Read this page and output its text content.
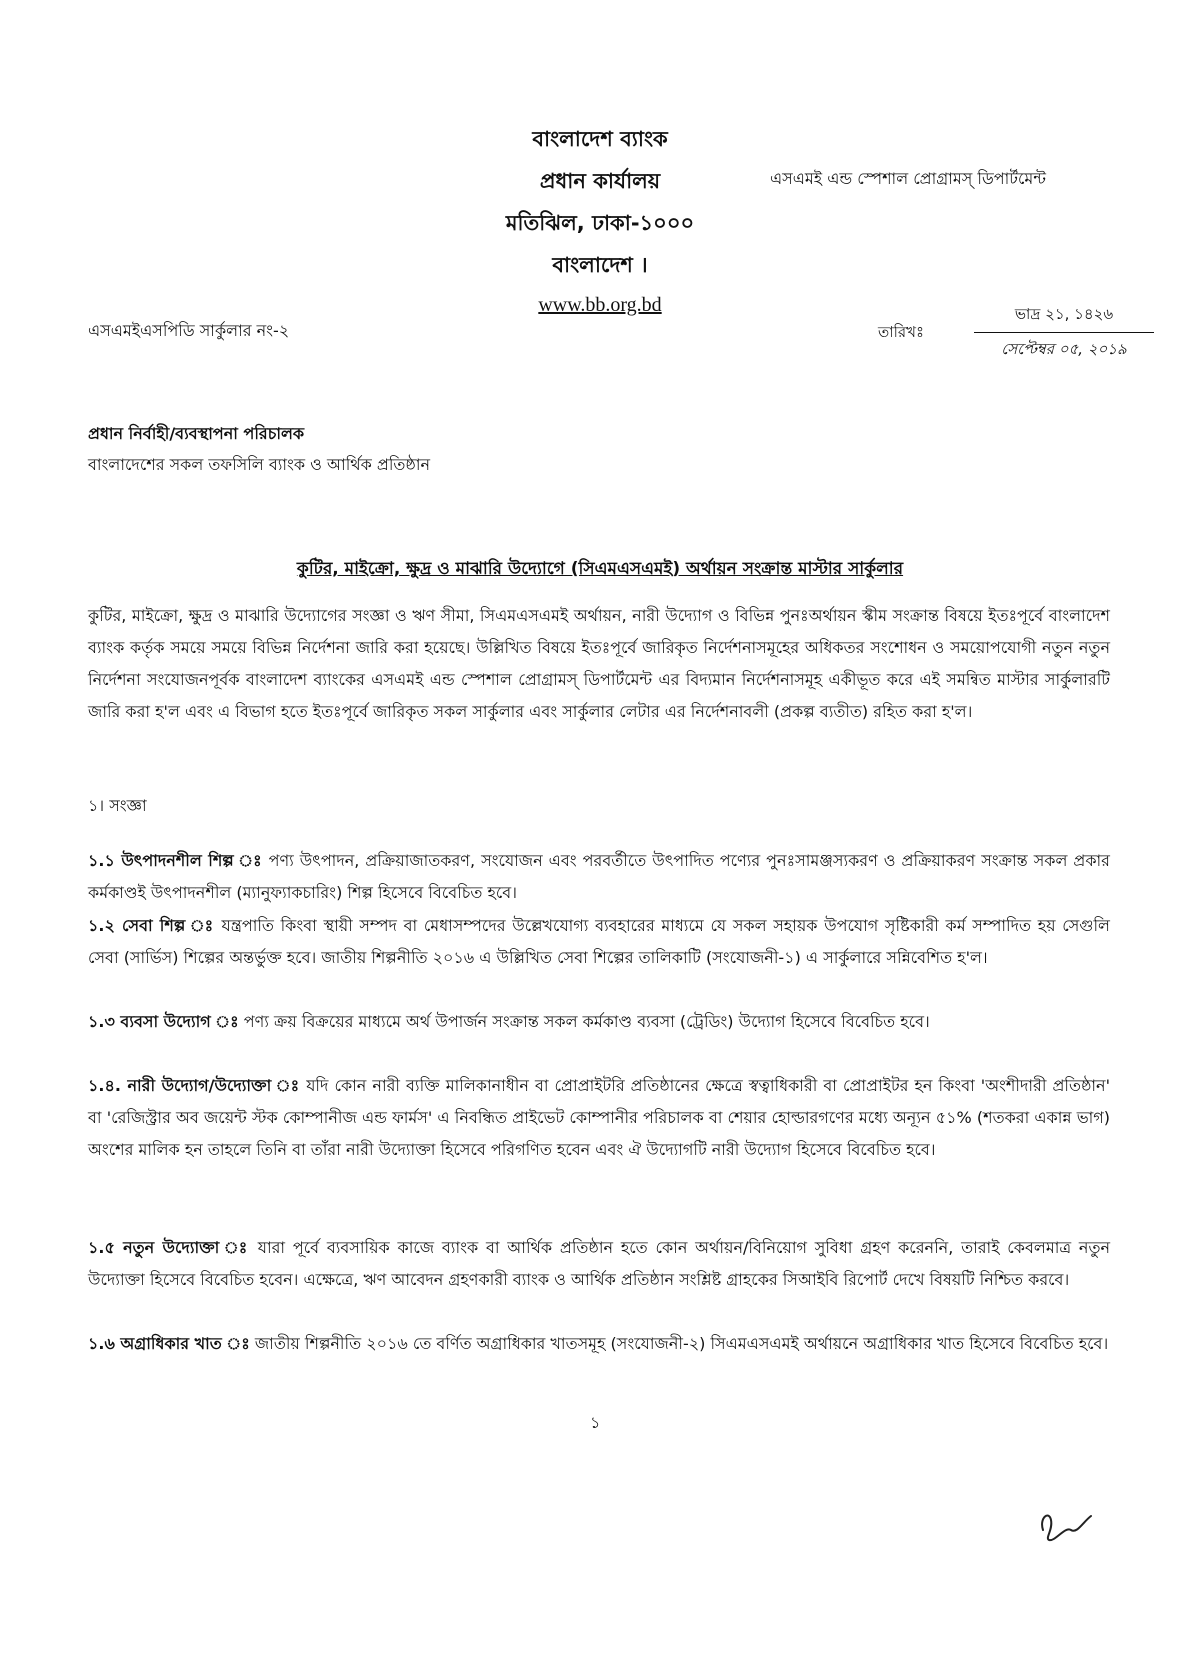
বাংলাদেশ ব্যাংক
প্রধান কার্যালয়
মতিঝিল, ঢাকা-১০০০
বাংলাদেশ ।
www.bb.org.bd
এসএমই এন্ড স্পেশাল প্রোগ্রামস্‌ ডিপার্টমেন্ট
এসএমইএসপিডি সার্কুলার নং-২	তারিখঃ
ভাদ্র ২১, ১৪২৬
সেপ্টেম্বর ০৫, ২০১৯
প্রধান নির্বাহী/ব্যবস্থাপনা পরিচালক
বাংলাদেশের সকল তফসিলি ব্যাংক ও আর্থিক প্রতিষ্ঠান
কুটির, মাইক্রো, ক্ষুদ্র ও মাঝারি উদ্যোগে (সিএমএসএমই) অর্থায়ন সংক্রান্ত মাস্টার সার্কুলার
কুটির, মাইক্রো, ক্ষুদ্র ও মাঝারি উদ্যোগের সংজ্ঞা ও ঋণ সীমা, সিএমএসএমই অর্থায়ন, নারী উদ্যোগ ও বিভিন্ন পুনঃঅর্থায়ন স্কীম সংক্রান্ত বিষয়ে ইতঃপূর্বে বাংলাদেশ ব্যাংক কর্তৃক সময়ে সময়ে বিভিন্ন নির্দেশনা জারি করা হয়েছে। উল্লিখিত বিষয়ে ইতঃপূর্বে জারিকৃত নির্দেশনাসমূহের অধিকতর সংশোধন ও সময়োপযোগী নতুন নতুন নির্দেশনা সংযোজনপূর্বক বাংলাদেশ ব্যাংকের এসএমই এন্ড স্পেশাল প্রোগ্রামস্‌ ডিপার্টমেন্ট এর বিদ্যমান নির্দেশনাসমূহ একীভূত করে এই সমন্বিত মাস্টার সার্কুলারটি জারি করা হ'ল এবং এ বিভাগ হতে ইতঃপূর্বে জারিকৃত সকল সার্কুলার এবং সার্কুলার লেটার এর নির্দেশনাবলী (প্রকল্প ব্যতীত) রহিত করা হ'ল।
১। সংজ্ঞা
১.১ উৎপাদনশীল শিল্প ঃ পণ্য উৎপাদন, প্রক্রিয়াজাতকরণ, সংযোজন এবং পরবর্তীতে উৎপাদিত পণ্যের পুনঃসামঞ্জস্যকরণ ও প্রক্রিয়াকরণ সংক্রান্ত সকল প্রকার কর্মকাণ্ডই উৎপাদনশীল (ম্যানুফ্যাকচারিং) শিল্প হিসেবে বিবেচিত হবে।
১.২ সেবা শিল্প ঃ যন্ত্রপাতি কিংবা স্থায়ী সম্পদ বা মেধাসম্পদের উল্লেখযোগ্য ব্যবহারের মাধ্যমে যে সকল সহায়ক উপযোগ সৃষ্টিকারী কর্ম সম্পাদিত হয় সেগুলি সেবা (সার্ভিস) শিল্পের অন্তর্ভুক্ত হবে। জাতীয় শিল্পনীতি ২০১৬ এ উল্লিখিত সেবা শিল্পের তালিকাটি (সংযোজনী-১) এ সার্কুলারে সন্নিবেশিত হ'ল।
১.৩ ব্যবসা উদ্যোগ ঃ পণ্য ক্রয় বিক্রয়ের মাধ্যমে অর্থ উপার্জন সংক্রান্ত সকল কর্মকাণ্ড ব্যবসা (ট্রেডিং) উদ্যোগ হিসেবে বিবেচিত হবে।
১.৪. নারী উদ্যোগ/উদ্যোক্তা ঃ যদি কোন নারী ব্যক্তি মালিকানাধীন বা প্রোপ্রাইটরি প্রতিষ্ঠানের ক্ষেত্রে স্বত্বাধিকারী বা প্রোপ্রাইটর হন কিংবা 'অংশীদারী প্রতিষ্ঠান' বা 'রেজিস্ট্রার অব জয়েন্ট স্টক কোম্পানীজ এন্ড ফার্মস' এ নিবন্ধিত প্রাইভেট কোম্পানীর পরিচালক বা শেয়ার হোল্ডারগণের মধ্যে অন্যূন ৫১% (শতকরা একান্ন ভাগ) অংশের মালিক হন তাহলে তিনি বা তাঁরা নারী উদ্যোক্তা হিসেবে পরিগণিত হবেন এবং ঐ উদ্যোগটি নারী উদ্যোগ হিসেবে বিবেচিত হবে।
১.৫ নতুন উদ্যোক্তা ঃ যারা পূর্বে ব্যবসায়িক কাজে ব্যাংক বা আর্থিক প্রতিষ্ঠান হতে কোন অর্থায়ন/বিনিয়োগ সুবিধা গ্রহণ করেননি, তারাই কেবলমাত্র নতুন উদ্যোক্তা হিসেবে বিবেচিত হবেন। এক্ষেত্রে, ঋণ আবেদন গ্রহণকারী ব্যাংক ও আর্থিক প্রতিষ্ঠান সংশ্লিষ্ট গ্রাহকের সিআইবি রিপোর্ট দেখে বিষয়টি নিশ্চিত করবে।
১.৬ অগ্রাধিকার খাত ঃ জাতীয় শিল্পনীতি ২০১৬ তে বর্ণিত অগ্রাধিকার খাতসমূহ (সংযোজনী-২) সিএমএসএমই অর্থায়নে অগ্রাধিকার খাত হিসেবে বিবেচিত হবে।
১
